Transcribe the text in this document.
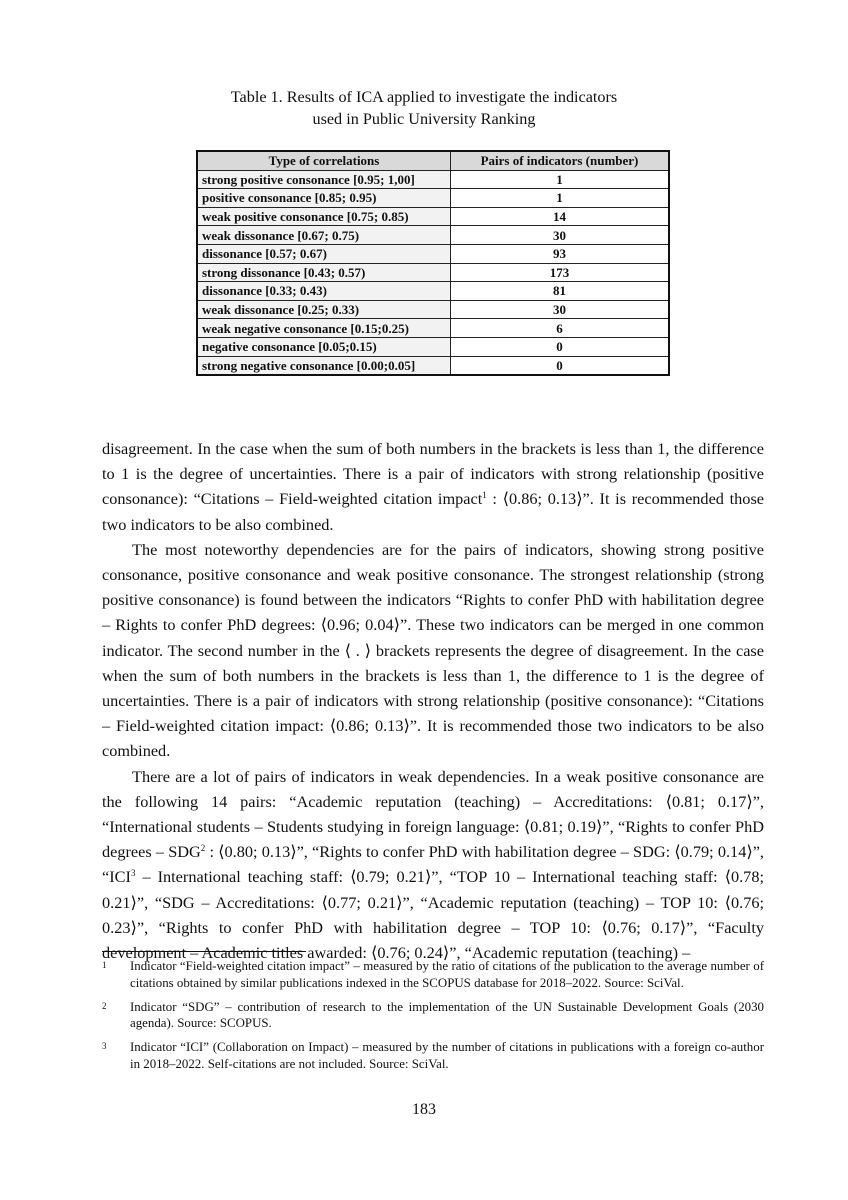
Table 1. Results of ICA applied to investigate the indicators
used in Public University Ranking
Type of correlations	Pairs of indicators (number)
strong positive consonance [0.95; 1,00]	1
positive consonance [0.85; 0.95)	1
weak positive consonance [0.75; 0.85)	14
weak dissonance [0.67; 0.75)	30
dissonance [0.57; 0.67)	93
strong dissonance [0.43; 0.57)	173
dissonance [0.33; 0.43)	81
weak dissonance [0.25; 0.33)	30
weak negative consonance [0.15;0.25)	6
negative consonance [0.05;0.15)	0
strong negative consonance [0.00;0.05]	0

disagreement. In the case when the sum of both numbers in the brackets is less than 1, the difference to 1 is the degree of uncertainties. There is a pair of indicators with strong relationship (positive consonance): “Citations – Field-weighted citation impact$^1$ : ⟨0.86; 0.13⟩”. It is recommended those two indicators to be also combined.

The most noteworthy dependencies are for the pairs of indicators, showing strong positive consonance, positive consonance and weak positive consonance. The strongest relationship (strong positive consonance) is found between the indicators “Rights to confer PhD with habilitation degree – Rights to confer PhD degrees: ⟨0.96; 0.04⟩”. These two indicators can be merged in one common indicator. The second number in the ⟨ . ⟩ brackets represents the degree of disagreement. In the case when the sum of both numbers in the brackets is less than 1, the difference to 1 is the degree of uncertainties. There is a pair of indicators with strong relationship (positive consonance): “Citations – Field-weighted citation impact: ⟨0.86; 0.13⟩”. It is recommended those two indicators to be also combined.

There are a lot of pairs of indicators in weak dependencies. In a weak positive consonance are the following 14 pairs: “Academic reputation (teaching) – Accreditations: ⟨0.81; 0.17⟩”, “International students – Students studying in foreign language: ⟨0.81; 0.19⟩”, “Rights to confer PhD degrees – SDG$^2$ : ⟨0.80; 0.13⟩”, “Rights to confer PhD with habilitation degree – SDG: ⟨0.79; 0.14⟩”, “ICI$^3$ – International teaching staff: ⟨0.79; 0.21⟩”, “TOP 10 – International teaching staff: ⟨0.78; 0.21⟩”, “SDG – Accreditations: ⟨0.77; 0.21⟩”, “Academic reputation (teaching) – TOP 10: ⟨0.76; 0.23⟩”, “Rights to confer PhD with habilitation degree – TOP 10: ⟨0.76; 0.17⟩”, “Faculty development – Academic titles awarded: ⟨0.76; 0.24⟩”, “Academic reputation (teaching) –

1	Indicator “Field-weighted citation impact” – measured by the ratio of citations of the publication to the average number of citations obtained by similar publications indexed in the SCOPUS database for 2018–2022. Source: SciVal.
2	Indicator “SDG” – contribution of research to the implementation of the UN Sustainable Development Goals (2030 agenda). Source: SCOPUS.
3	Indicator “ICI” (Collaboration on Impact) – measured by the number of citations in publications with a foreign co-author in 2018–2022. Self-citations are not included. Source: SciVal.
183
